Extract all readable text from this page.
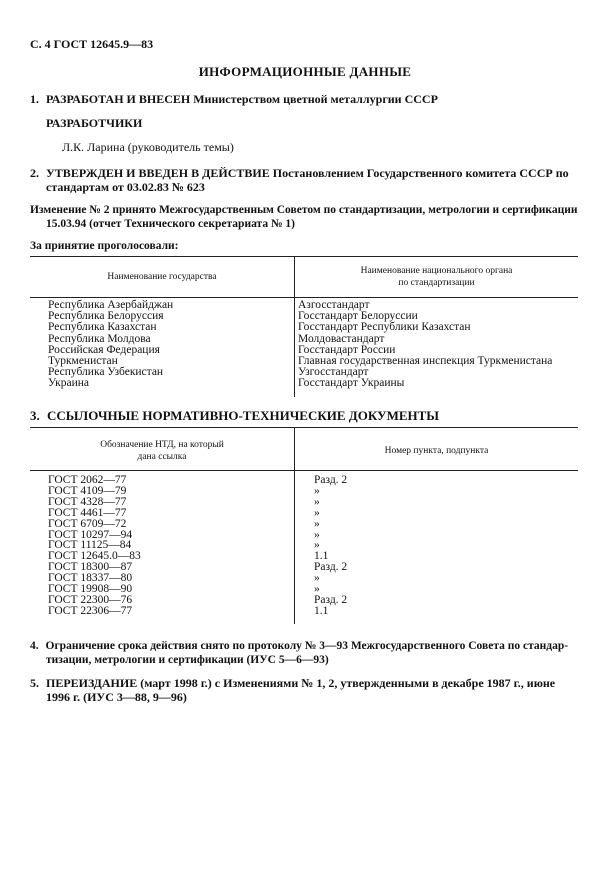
С. 4 ГОСТ 12645.9—83
ИНФОРМАЦИОННЫЕ ДАННЫЕ
1. РАЗРАБОТАН И ВНЕСЕН Министерством цветной металлургии СССР
РАЗРАБОТЧИКИ
Л.К. Ларина (руководитель темы)
2. УТВЕРЖДЕН И ВВЕДЕН В ДЕЙСТВИЕ Постановлением Государственного комитета СССР по
стандартам от 03.02.83 № 623
Изменение № 2 принято Межгосударственным Советом по стандартизации, метрологии и сертификации
15.03.94 (отчет Технического секретариата № 1)
За принятие проголосовали:
Наименование государства
Наименование национального органа
по стандартизации
Республика Азербайджан
Республика Белоруссия
Республика Казахстан
Республика Молдова
Российская Федерация
Туркменистан
Республика Узбекистан
Украина
Азгосстандарт
Госстандарт Белоруссии
Госстандарт Республики Казахстан
Молдовастандарт
Госстандарт России
Главная государственная инспекция Туркменистана
Узгосстандарт
Госстандарт Украины
3. ССЫЛОЧНЫЕ НОРМАТИВНО-ТЕХНИЧЕСКИЕ ДОКУМЕНТЫ
Обозначение НТД, на который
дана ссылка
Номер пункта, подпункта
ГОСТ 2062—77
ГОСТ 4109—79
ГОСТ 4328—77
ГОСТ 4461—77
ГОСТ 6709—72
ГОСТ 10297—94
ГОСТ 11125—84
ГОСТ 12645.0—83
ГОСТ 18300—87
ГОСТ 18337—80
ГОСТ 19908—90
ГОСТ 22300—76
ГОСТ 22306—77
Разд. 2
»
»
»
»
»
»
1.1
Разд. 2
»
»
Разд. 2
1.1
4. Ограничение срока действия снято по протоколу № 3—93 Межгосударственного Совета по стандар-
тизации, метрологии и сертификации (ИУС 5—6—93)
5. ПЕРЕИЗДАНИЕ (март 1998 г.) с Изменениями № 1, 2, утвержденными в декабре 1987 г., июне
1996 г. (ИУС 3—88, 9—96)
